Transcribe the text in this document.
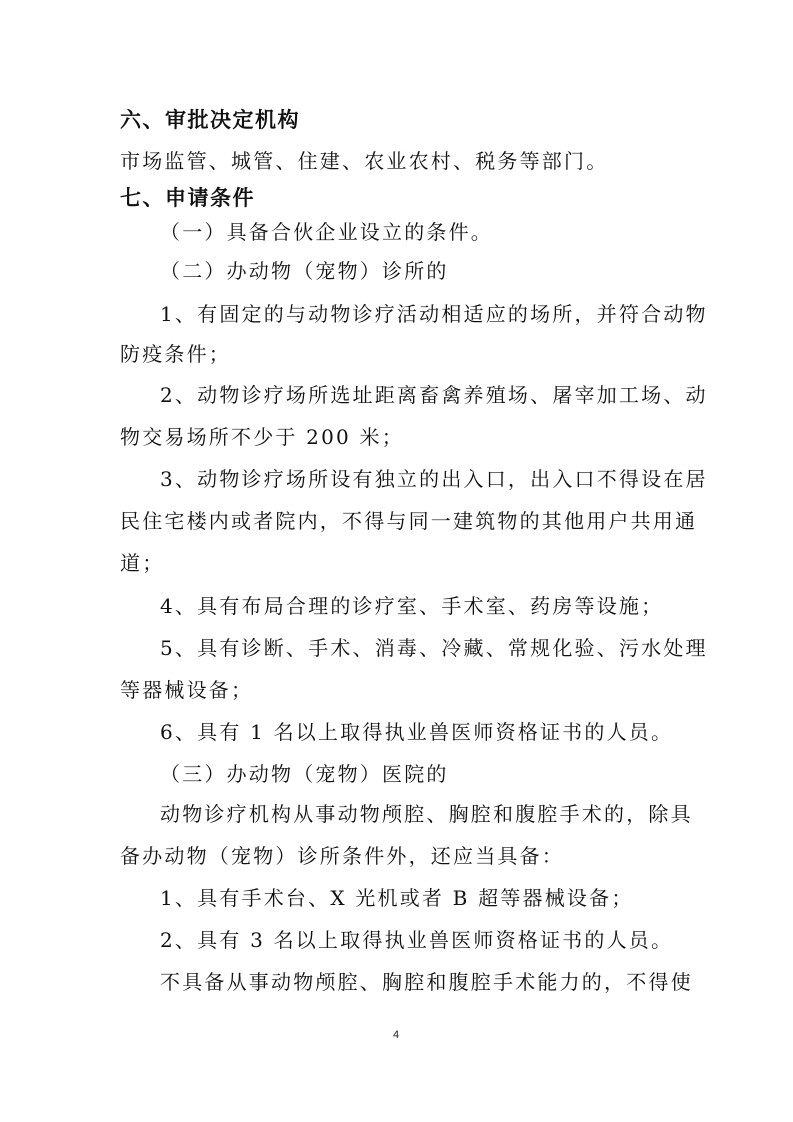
六、审批决定机构
市场监管、城管、住建、农业农村、税务等部门。
七、申请条件
（一）具备合伙企业设立的条件。
（二）办动物（宠物）诊所的
1、有固定的与动物诊疗活动相适应的场所，并符合动物
防疫条件；
2、动物诊疗场所选址距离畜禽养殖场、屠宰加工场、动
物交易场所不少于 200 米；
3、动物诊疗场所设有独立的出入口，出入口不得设在居
民住宅楼内或者院内，不得与同一建筑物的其他用户共用通
道；
4、具有布局合理的诊疗室、手术室、药房等设施；
5、具有诊断、手术、消毒、冷藏、常规化验、污水处理
等器械设备；
6、具有 1 名以上取得执业兽医师资格证书的人员。
（三）办动物（宠物）医院的
动物诊疗机构从事动物颅腔、胸腔和腹腔手术的，除具
备办动物（宠物）诊所条件外，还应当具备：
1、具有手术台、X 光机或者 B 超等器械设备；
2、具有 3 名以上取得执业兽医师资格证书的人员。
不具备从事动物颅腔、胸腔和腹腔手术能力的，不得使
4
